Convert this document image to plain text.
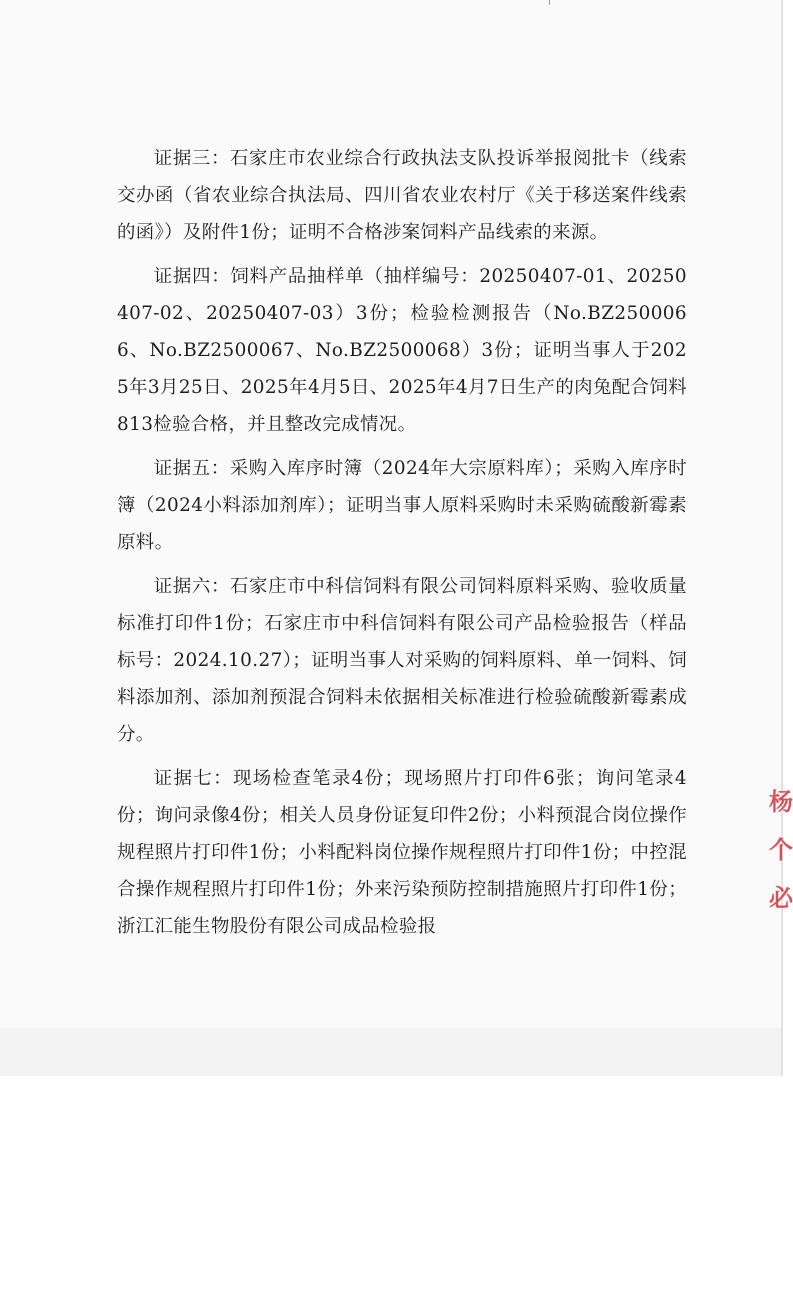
证据三：石家庄市农业综合行政执法支队投诉举报阅批卡（线索交办函（省农业综合执法局、四川省农业农村厅《关于移送案件线索的函》）及附件1份；证明不合格涉案饲料产品线索的来源。

证据四：饲料产品抽样单（抽样编号：20250407-01、20250407-02、20250407-03）3份；检验检测报告（No.BZ2500066、No.BZ2500067、No.BZ2500068）3份；证明当事人于2025年3月25日、2025年4月5日、2025年4月7日生产的肉兔配合饲料813检验合格，并且整改完成情况。

证据五：采购入库序时簿（2024年大宗原料库）；采购入库序时簿（2024小料添加剂库）；证明当事人原料采购时未采购硫酸新霉素原料。

证据六：石家庄市中科信饲料有限公司饲料原料采购、验收质量标准打印件1份；石家庄市中科信饲料有限公司产品检验报告（样品标号：2024.10.27）；证明当事人对采购的饲料原料、单一饲料、饲料添加剂、添加剂预混合饲料未依据相关标准进行检验硫酸新霉素成分。

证据七：现场检查笔录4份；现场照片打印件6张；询问笔录4份；询问录像4份；相关人员身份证复印件2份；小料预混合岗位操作规程照片打印件1份；小料配料岗位操作规程照片打印件1份；中控混合操作规程照片打印件1份；外来污染预防控制措施照片打印件1份；浙江汇能生物股份有限公司成品检验报

杨
个
必
